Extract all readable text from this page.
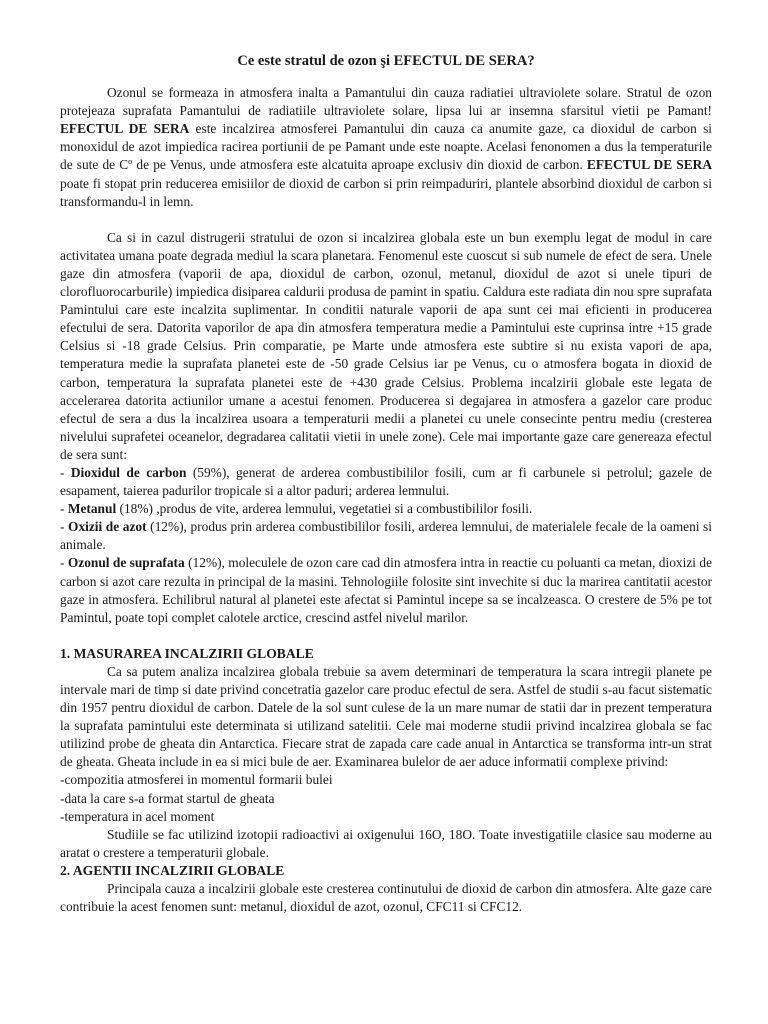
Ce este stratul de ozon şi EFECTUL DE SERA?

Ozonul se formeaza in atmosfera inalta a Pamantului din cauza radiatiei ultraviolete solare. Stratul de ozon protejeaza suprafata Pamantului de radiatiile ultraviolete solare, lipsa lui ar insemna sfarsitul vietii pe Pamant! EFECTUL DE SERA este incalzirea atmosferei Pamantului din cauza ca anumite gaze, ca dioxidul de carbon si monoxidul de azot impiedica racirea portiunii de pe Pamant unde este noapte. Acelasi fenonomen a dus la temperaturile de sute de Cº de pe Venus, unde atmosfera este alcatuita aproape exclusiv din dioxid de carbon. EFECTUL DE SERA poate fi stopat prin reducerea emisiilor de dioxid de carbon si prin reimpaduriri, plantele absorbind dioxidul de carbon si transformandu-l in lemn.

Ca si in cazul distrugerii stratului de ozon si incalzirea globala este un bun exemplu legat de modul in care activitatea umana poate degrada mediul la scara planetara. Fenomenul este cuoscut si sub numele de efect de sera. Unele gaze din atmosfera (vaporii de apa, dioxidul de carbon, ozonul, metanul, dioxidul de azot si unele tipuri de clorofluorocarburile) impiedica disiparea caldurii produsa de pamint in spatiu. Caldura este radiata din nou spre suprafata Pamintului care este incalzita suplimentar. In conditii naturale vaporii de apa sunt cei mai eficienti in producerea efectului de sera. Datorita vaporilor de apa din atmosfera temperatura medie a Pamintului este cuprinsa intre +15 grade Celsius si -18 grade Celsius. Prin comparatie, pe Marte unde atmosfera este subtire si nu exista vapori de apa, temperatura medie la suprafata planetei este de -50 grade Celsius iar pe Venus, cu o atmosfera bogata in dioxid de carbon, temperatura la suprafata planetei este de +430 grade Celsius. Problema incalzirii globale este legata de accelerarea datorita actiunilor umane a acestui fenomen. Producerea si degajarea in atmosfera a gazelor care produc efectul de sera a dus la incalzirea usoara a temperaturii medii a planetei cu unele consecinte pentru mediu (cresterea nivelului suprafetei oceanelor, degradarea calitatii vietii in unele zone). Cele mai importante gaze care genereaza efectul de sera sunt:

- Dioxidul de carbon (59%), generat de arderea combustibililor fosili, cum ar fi carbunele si petrolul; gazele de esapament, taierea padurilor tropicale si a altor paduri; arderea lemnului.

- Metanul (18%) ,produs de vite, arderea lemnului, vegetatiei si a combustibililor fosili.

- Oxizii de azot (12%), produs prin arderea combustibililor fosili, arderea lemnului, de materialele fecale de la oameni si animale.

- Ozonul de suprafata (12%), moleculele de ozon care cad din atmosfera intra in reactie cu poluanti ca metan, dioxizi de carbon si azot care rezulta in principal de la masini. Tehnologiile folosite sint invechite si duc la marirea cantitatii acestor gaze in atmosfera. Echilibrul natural al planetei este afectat si Pamintul incepe sa se incalzeasca. O crestere de 5% pe tot Pamintul, poate topi complet calotele arctice, crescind astfel nivelul marilor.

1. MASURAREA INCALZIRII GLOBALE

Ca sa putem analiza incalzirea globala trebuie sa avem determinari de temperatura la scara intregii planete pe intervale mari de timp si date privind concetratia gazelor care produc efectul de sera. Astfel de studii s-au facut sistematic din 1957 pentru dioxidul de carbon. Datele de la sol sunt culese de la un mare numar de statii dar in prezent temperatura la suprafata pamintului este determinata si utilizand satelitii. Cele mai moderne studii privind incalzirea globala se fac utilizind probe de gheata din Antarctica. Fiecare strat de zapada care cade anual in Antarctica se transforma intr-un strat de gheata. Gheata include in ea si mici bule de aer. Examinarea bulelor de aer aduce informatii complexe privind:

-compozitia atmosferei in momentul formarii bulei

-data la care s-a format startul de gheata

-temperatura in acel moment

Studiile se fac utilizind izotopii radioactivi ai oxigenului 16O, 18O. Toate investigatiile clasice sau moderne au aratat o crestere a temperaturii globale.

2. AGENTII INCALZIRII GLOBALE

Principala cauza a incalzirii globale este cresterea continutului de dioxid de carbon din atmosfera. Alte gaze care contribuie la acest fenomen sunt: metanul, dioxidul de azot, ozonul, CFC11 si CFC12.
